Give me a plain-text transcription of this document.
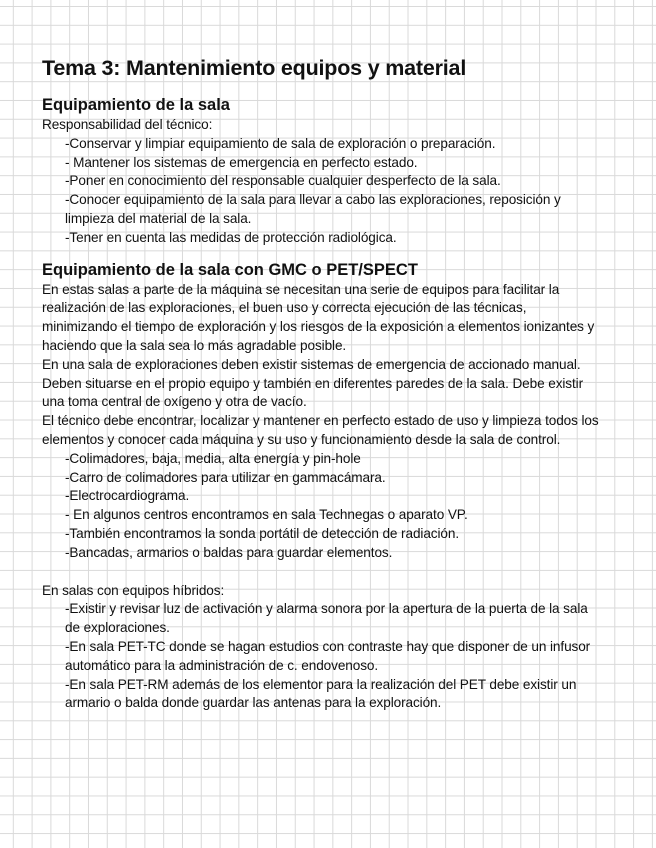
Tema 3: Mantenimiento equipos y material
Equipamiento de la sala
Responsabilidad del técnico:
-Conservar y limpiar equipamiento de sala de exploración o preparación.
- Mantener los sistemas de emergencia en perfecto estado.
-Poner en conocimiento del responsable cualquier desperfecto de la sala.
-Conocer equipamiento de la sala para llevar a cabo las exploraciones, reposición y limpieza del material de la sala.
-Tener en cuenta las medidas de protección radiológica.
Equipamiento de la sala con GMC o PET/SPECT
En estas salas a parte de la máquina se necesitan una serie de equipos para facilitar la realización de las exploraciones, el buen uso y correcta ejecución de las técnicas, minimizando el tiempo de exploración y los riesgos de la exposición a elementos ionizantes y haciendo que la sala sea lo más agradable posible.
En una sala de exploraciones deben existir sistemas de emergencia de accionado manual. Deben situarse en el propio equipo y también en diferentes paredes de la sala. Debe existir una toma central de oxígeno y otra de vacío.
El técnico debe encontrar, localizar y mantener en perfecto estado de uso y limpieza todos los elementos y conocer cada máquina y su uso y funcionamiento desde la sala de control.
-Colimadores, baja, media, alta energía y pin-hole
-Carro de colimadores para utilizar en gammacámara.
-Electrocardiograma.
- En algunos centros encontramos en sala Technegas o aparato VP.
-También encontramos la sonda portátil de detección de radiación.
-Bancadas, armarios o baldas para guardar elementos.
En salas con equipos híbridos:
-Existir y revisar luz de activación y alarma sonora por la apertura de la puerta de la sala de exploraciones.
-En sala PET-TC donde se hagan estudios con contraste hay que disponer de un infusor automático para la administración de c. endovenoso.
-En sala PET-RM además de los elementor para la realización del PET debe existir un armario o balda donde guardar las antenas para la exploración.
